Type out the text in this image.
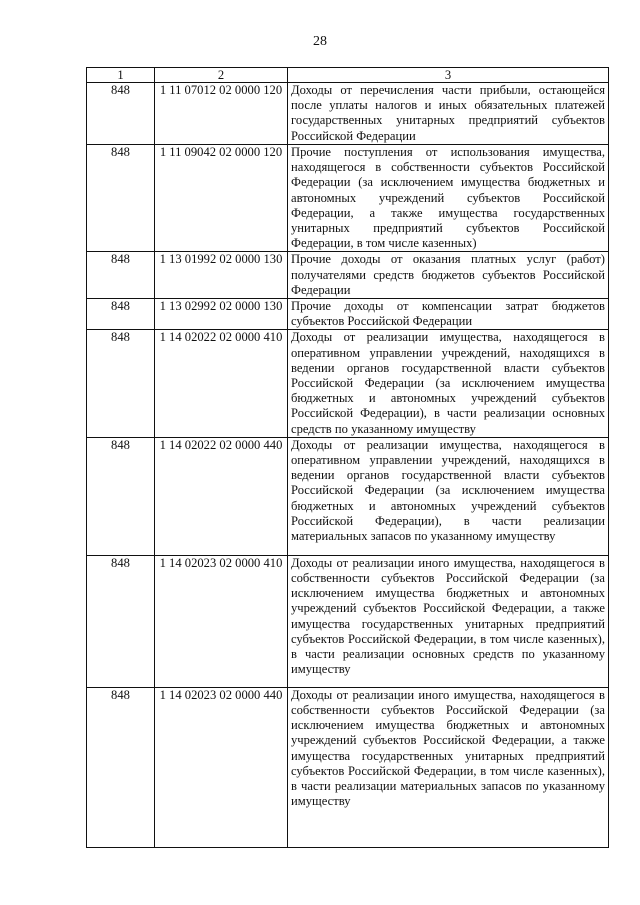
28
1	2	3
848	1 11 07012 02 0000 120	Доходы от перечисления части прибыли, остающейся после уплаты налогов и иных обязательных платежей государственных унитарных предприятий субъектов Российской Федерации
848	1 11 09042 02 0000 120	Прочие поступления от использования имущества, находящегося в собственности субъектов Российской Федерации (за исключением имущества бюджетных и автономных учреждений субъектов Российской Федерации, а также имущества государственных унитарных предприятий субъектов Российской Федерации, в том числе казенных)
848	1 13 01992 02 0000 130	Прочие доходы от оказания платных услуг (работ) получателями средств бюджетов субъектов Российской Федерации
848	1 13 02992 02 0000 130	Прочие доходы от компенсации затрат бюджетов субъектов Российской Федерации
848	1 14 02022 02 0000 410	Доходы от реализации имущества, находящегося в оперативном управлении учреждений, находящихся в ведении органов государственной власти субъектов Российской Федерации (за исключением имущества бюджетных и автономных учреждений субъектов Российской Федерации), в части реализации основных средств по указанному имуществу
848	1 14 02022 02 0000 440	Доходы от реализации имущества, находящегося в оперативном управлении учреждений, находящихся в ведении органов государственной власти субъектов Российской Федерации (за исключением имущества бюджетных и автономных учреждений субъектов Российской Федерации), в части реализации материальных запасов по указанному имуществу
848	1 14 02023 02 0000 410	Доходы от реализации иного имущества, находящегося в собственности субъектов Российской Федерации (за исключением имущества бюджетных и автономных учреждений субъектов Российской Федерации, а также имущества государственных унитарных предприятий субъектов Российской Федерации, в том числе казенных), в части реализации основных средств по указанному имуществу
848	1 14 02023 02 0000 440	Доходы от реализации иного имущества, находящегося в собственности субъектов Российской Федерации (за исключением имущества бюджетных и автономных учреждений субъектов Российской Федерации, а также имущества государственных унитарных предприятий субъектов Российской Федерации, в том числе казенных), в части реализации материальных запасов по указанному имуществу
